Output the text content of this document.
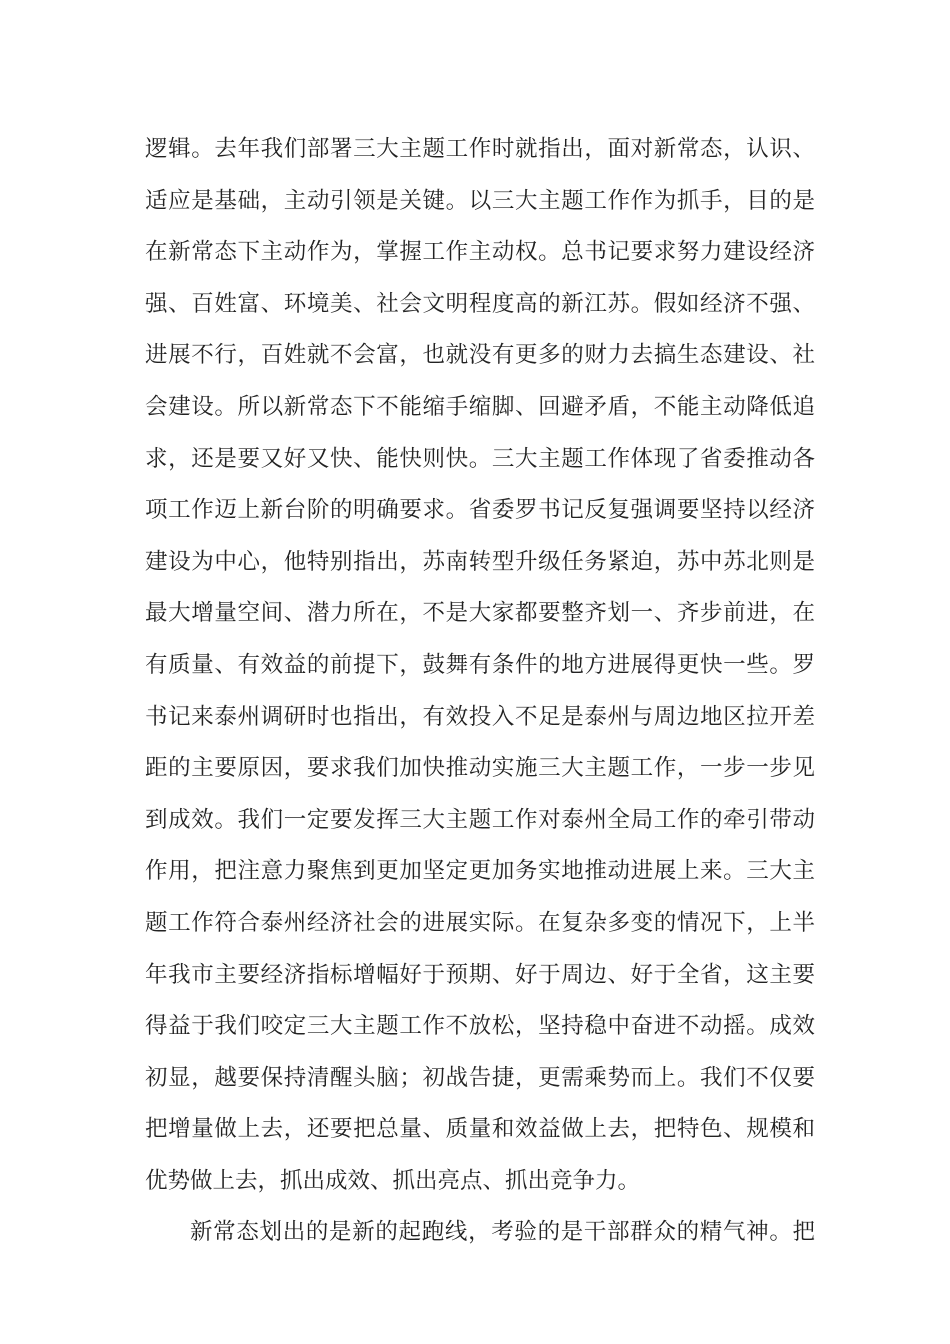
逻辑。去年我们部署三大主题工作时就指出，面对新常态，认识、
适应是基础，主动引领是关键。以三大主题工作作为抓手，目的是
在新常态下主动作为，掌握工作主动权。总书记要求努力建设经济
强、百姓富、环境美、社会文明程度高的新江苏。假如经济不强、
进展不行，百姓就不会富，也就没有更多的财力去搞生态建设、社
会建设。所以新常态下不能缩手缩脚、回避矛盾，不能主动降低追
求，还是要又好又快、能快则快。三大主题工作体现了省委推动各
项工作迈上新台阶的明确要求。省委罗书记反复强调要坚持以经济
建设为中心，他特别指出，苏南转型升级任务紧迫，苏中苏北则是
最大增量空间、潜力所在，不是大家都要整齐划一、齐步前进，在
有质量、有效益的前提下，鼓舞有条件的地方进展得更快一些。罗
书记来泰州调研时也指出，有效投入不足是泰州与周边地区拉开差
距的主要原因，要求我们加快推动实施三大主题工作，一步一步见
到成效。我们一定要发挥三大主题工作对泰州全局工作的牵引带动
作用，把注意力聚焦到更加坚定更加务实地推动进展上来。三大主
题工作符合泰州经济社会的进展实际。在复杂多变的情况下，上半
年我市主要经济指标增幅好于预期、好于周边、好于全省，这主要
得益于我们咬定三大主题工作不放松，坚持稳中奋进不动摇。成效
初显，越要保持清醒头脑；初战告捷，更需乘势而上。我们不仅要
把增量做上去，还要把总量、质量和效益做上去，把特色、规模和
优势做上去，抓出成效、抓出亮点、抓出竞争力。
新常态划出的是新的起跑线，考验的是干部群众的精气神。把
